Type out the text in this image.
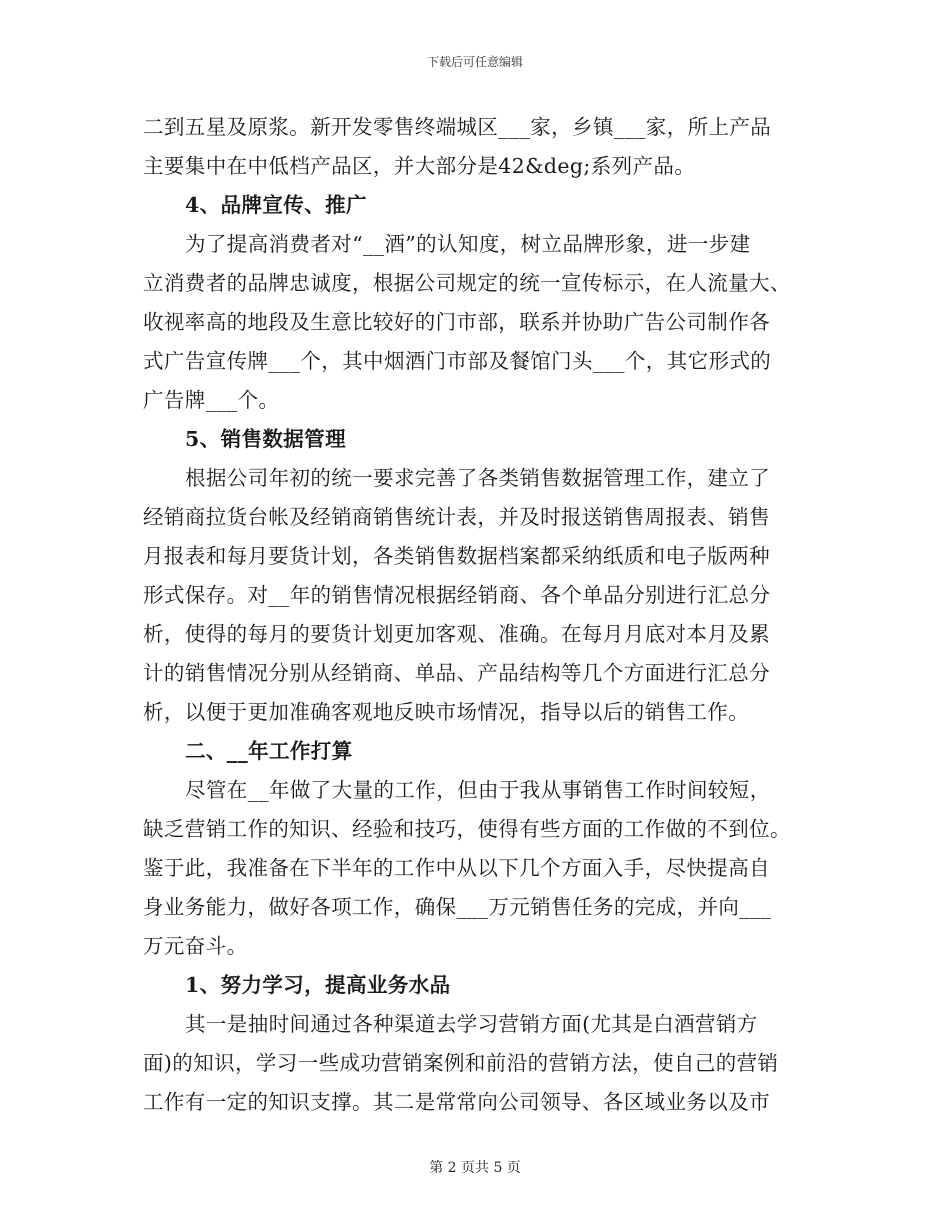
下载后可任意编辑
二到五星及原浆。新开发零售终端城区___家，乡镇___家，所上产品
主要集中在中低档产品区，并大部分是42&deg;系列产品。
4、品牌宣传、推广
为了提高消费者对“__酒”的认知度，树立品牌形象，进一步建
立消费者的品牌忠诚度，根据公司规定的统一宣传标示，在人流量大、
收视率高的地段及生意比较好的门市部，联系并协助广告公司制作各
式广告宣传牌___个，其中烟酒门市部及餐馆门头___个，其它形式的
广告牌___个。
5、销售数据管理
根据公司年初的统一要求完善了各类销售数据管理工作，建立了
经销商拉货台帐及经销商销售统计表，并及时报送销售周报表、销售
月报表和每月要货计划，各类销售数据档案都采纳纸质和电子版两种
形式保存。对__年的销售情况根据经销商、各个单品分别进行汇总分
析，使得的每月的要货计划更加客观、准确。在每月月底对本月及累
计的销售情况分别从经销商、单品、产品结构等几个方面进行汇总分
析，以便于更加准确客观地反映市场情况，指导以后的销售工作。
二、__年工作打算
尽管在__年做了大量的工作，但由于我从事销售工作时间较短，
缺乏营销工作的知识、经验和技巧，使得有些方面的工作做的不到位。
鉴于此，我准备在下半年的工作中从以下几个方面入手，尽快提高自
身业务能力，做好各项工作，确保___万元销售任务的完成，并向___
万元奋斗。
1、努力学习，提高业务水品
其一是抽时间通过各种渠道去学习营销方面(尤其是白酒营销方
面)的知识，学习一些成功营销案例和前沿的营销方法，使自己的营销
工作有一定的知识支撑。其二是常常向公司领导、各区域业务以及市
第 2 页共 5 页
